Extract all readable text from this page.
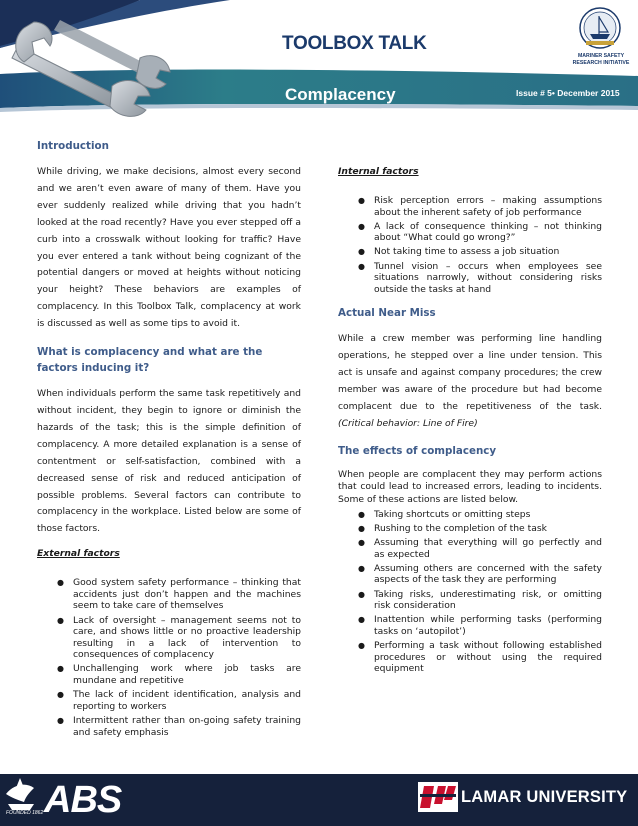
TOOLBOX TALK
Complacency	Issue # 5• December 2015
MARINER SAFETY
RESEARCH INITIATIVE
Introduction

While driving, we make decisions, almost every second and we aren’t even aware of many of them. Have you ever suddenly realized while driving that you hadn’t looked at the road recently? Have you ever stepped off a curb into a crosswalk without looking for traffic? Have you ever entered a tank without being cognizant of the potential dangers or moved at heights without noticing your height? These behaviors are examples of complacency. In this Toolbox Talk, complacency at work is discussed as well as some tips to avoid it.

What is complacency and what are the factors inducing it?

When individuals perform the same task repetitively and without incident, they begin to ignore or diminish the hazards of the task; this is the simple definition of complacency. A more detailed explanation is a sense of contentment or self-satisfaction, combined with a decreased sense of risk and reduced anticipation of possible problems. Several factors can contribute to complacency in the workplace. Listed below are some of those factors.

External factors
● Good system safety performance – thinking that accidents just don’t happen and the machines seem to take care of themselves
● Lack of oversight – management seems not to care, and shows little or no proactive leadership resulting in a lack of intervention to consequences of complacency
● Unchallenging work where job tasks are mundane and repetitive
● The lack of incident identification, analysis and reporting to workers
● Intermittent rather than on-going safety training and safety emphasis
Internal factors
● Risk perception errors – making assumptions about the inherent safety of job performance
● A lack of consequence thinking – not thinking about “What could go wrong?”
● Not taking time to assess a job situation
● Tunnel vision – occurs when employees see situations narrowly, without considering risks outside the tasks at hand
Actual Near Miss

While a crew member was performing line handling operations, he stepped over a line under tension. This act is unsafe and against company procedures; the crew member was aware of the procedure but had become complacent due to the repetitiveness of the task. (Critical behavior: Line of Fire)

The effects of complacency

When people are complacent they may perform actions that could lead to increased errors, leading to incidents. Some of these actions are listed below.

● Taking shortcuts or omitting steps
● Rushing to the completion of the task
● Assuming that everything will go perfectly and as expected
● Assuming others are concerned with the safety aspects of the task they are performing
● Taking risks, underestimating risk, or omitting risk consideration
● Inattention while performing tasks (performing tasks on ‘autopilot’)
● Performing a task without following established procedures or without using the required equipment
ABS
FOUNDED 1862
LAMAR UNIVERSITY
